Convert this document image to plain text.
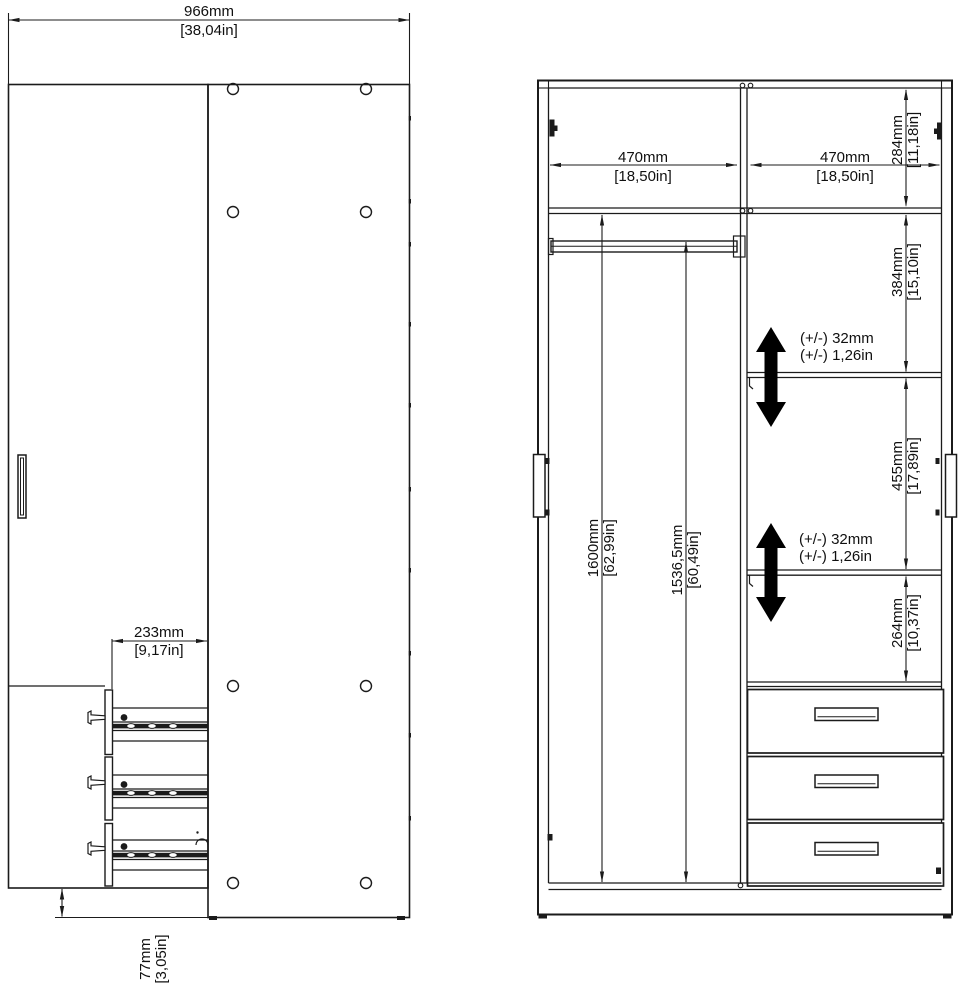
966mm
[38,04in]
233mm
[9,17in]
77mm [3,05in]
470mm
[18,50in]
470mm
[18,50in]
284mm [11,18in]
384mm [15,10in]
455mm [17,89in]
264mm [10,37in]
1600mm [62,99in]	1536,5mm [60,49in]
(+/-) 32mm
(+/-) 1,26in
(+/-) 32mm
(+/-) 1,26in
